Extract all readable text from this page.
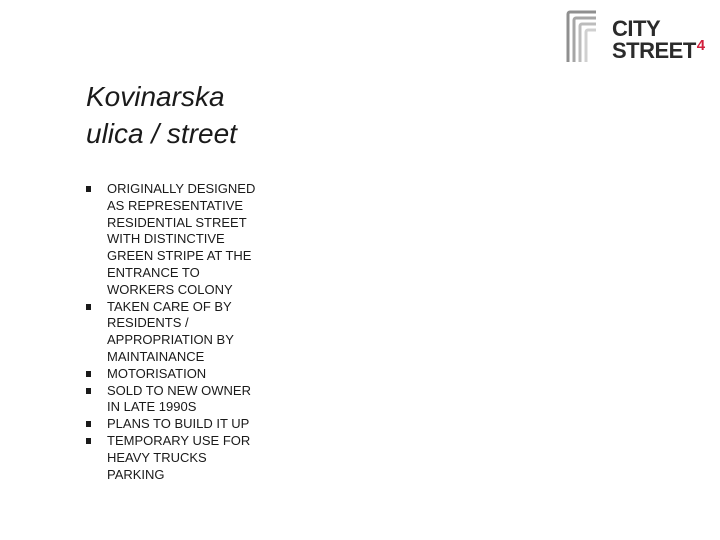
CITY
STREET$^4$
Kovinarska
ulica / street
ORIGINALLY DESIGNED
AS REPRESENTATIVE
RESIDENTIAL STREET
WITH DISTINCTIVE
GREEN STRIPE AT THE
ENTRANCE TO
WORKERS COLONY
TAKEN CARE OF BY
RESIDENTS /
APPROPRIATION BY
MAINTAINANCE
MOTORISATION
SOLD TO NEW OWNER
IN LATE 1990S
PLANS TO BUILD IT UP
TEMPORARY USE FOR
HEAVY TRUCKS
PARKING
